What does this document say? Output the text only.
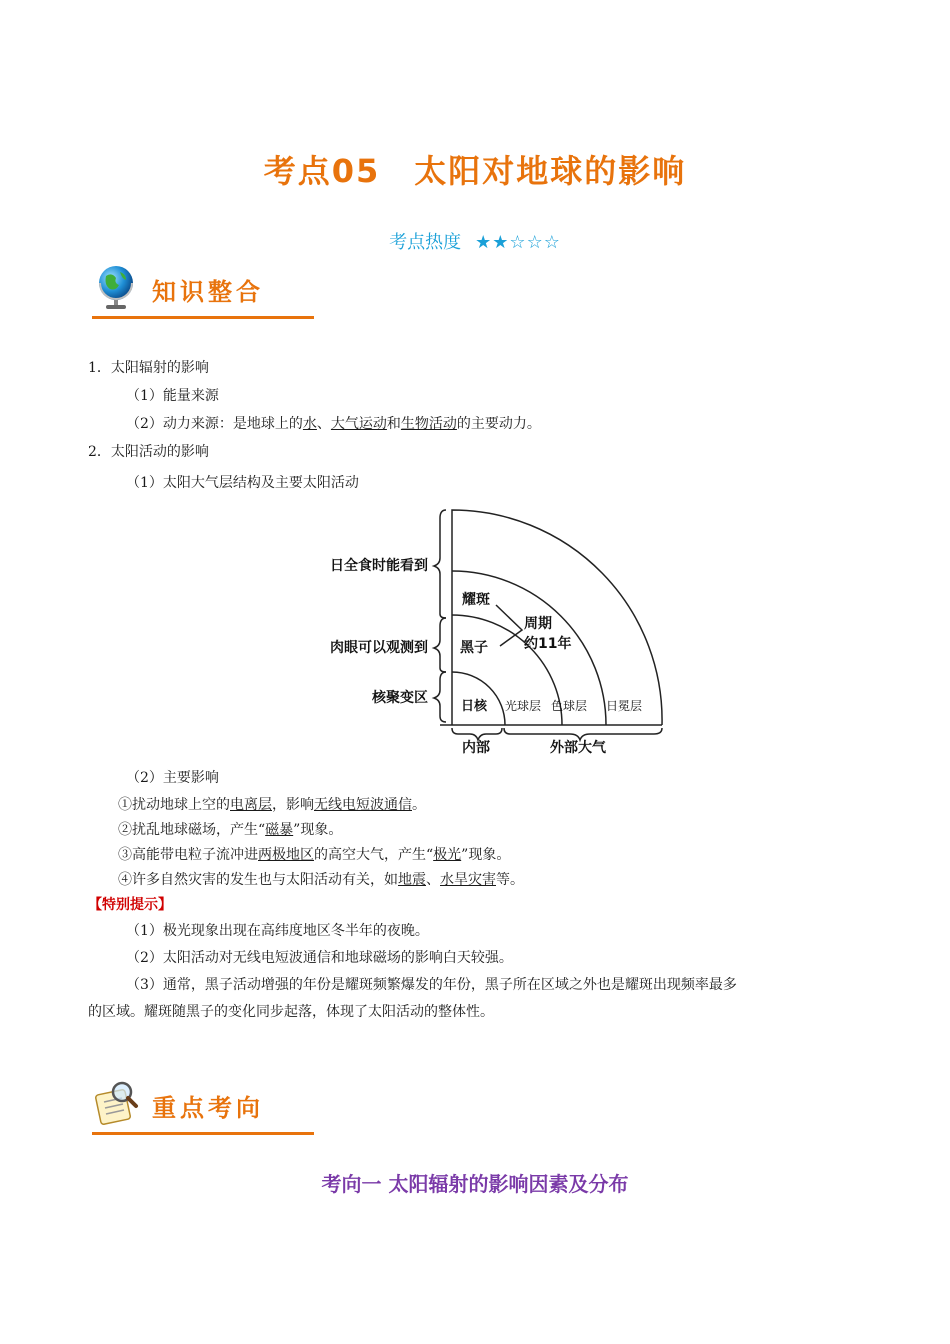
考点05　太阳对地球的影响
考点热度 ★★☆☆☆
知识整合
1．太阳辐射的影响
（1）能量来源
（2）动力来源：是地球上的水、大气运动和生物活动的主要动力。
2．太阳活动的影响
（1）太阳大气层结构及主要太阳活动
日全食时能看到
肉眼可以观测到
核聚变区
耀斑
黑子
周期
约11年
日核 光球层 色球层 日冕层
内部	外部大气
（2）主要影响
①扰动地球上空的电离层，影响无线电短波通信。
②扰乱地球磁场，产生“磁暴”现象。
③高能带电粒子流冲进两极地区的高空大气，产生“极光”现象。
④许多自然灾害的发生也与太阳活动有关，如地震、水旱灾害等。
【特别提示】
（1）极光现象出现在高纬度地区冬半年的夜晚。
（2）太阳活动对无线电短波通信和地球磁场的影响白天较强。
（3）通常，黑子活动增强的年份是耀斑频繁爆发的年份，黑子所在区域之外也是耀斑出现频率最多
的区域。耀斑随黑子的变化同步起落，体现了太阳活动的整体性。
重点考向
考向一 太阳辐射的影响因素及分布
